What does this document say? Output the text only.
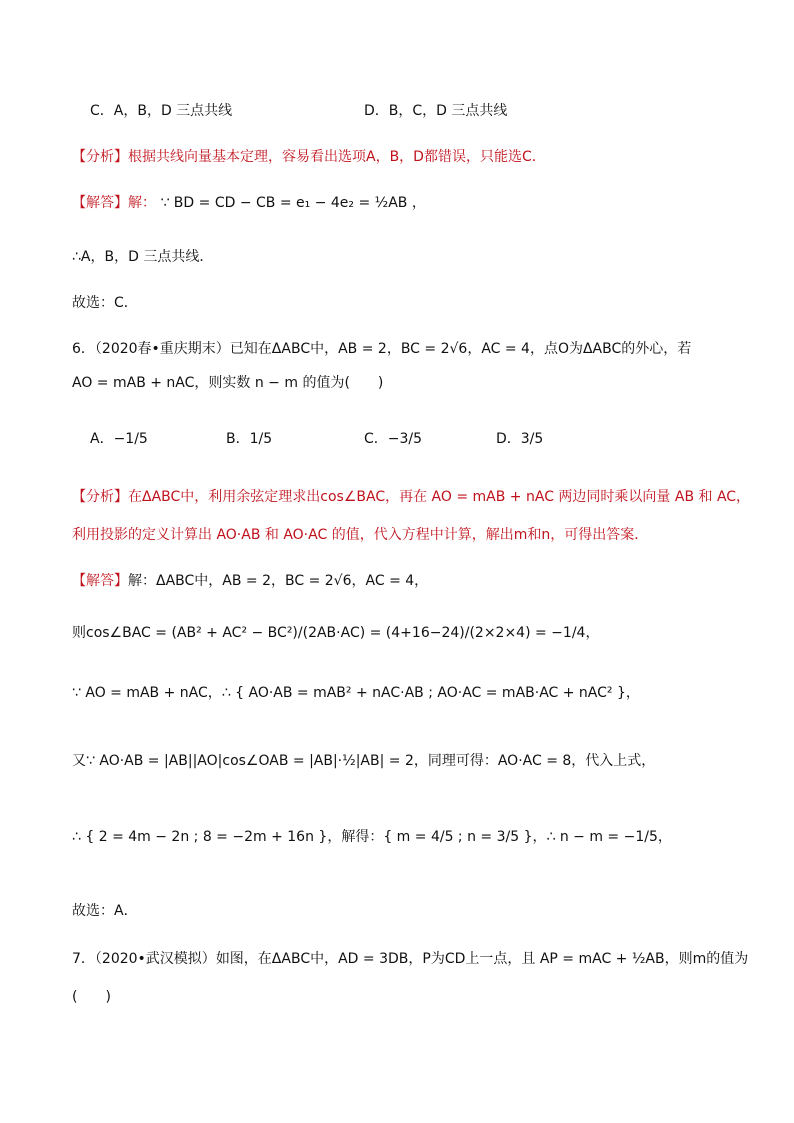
C．A，B，D 三点共线	D．B，C，D 三点共线
【分析】根据共线向量基本定理，容易看出选项A，B，D都错误，只能选C．
【解答】解： ∵ BD = CD − CB = e₁ − 4e₂ = ½AB ，
∴A，B，D 三点共线．
故选：C．
6．（2020春•重庆期末）已知在ΔABC中，AB = 2，BC = 2√6，AC = 4，点O为ΔABC的外心，若
AO = mAB + nAC，则实数 n − m 的值为(　　)
A．−1/5	B．1/5	C．−3/5	D．3/5
【分析】在ΔABC中，利用余弦定理求出cos∠BAC，再在 AO = mAB + nAC 两边同时乘以向量 AB 和 AC，
利用投影的定义计算出 AO·AB 和 AO·AC 的值，代入方程中计算，解出m和n，可得出答案．
【解答】解：ΔABC中，AB = 2，BC = 2√6，AC = 4，
则cos∠BAC = (AB² + AC² − BC²)/(2AB·AC) = (4+16−24)/(2×2×4) = −1/4，
∵ AO = mAB + nAC，∴ { AO·AB = mAB² + nAC·AB ; AO·AC = mAB·AC + nAC² }，
又∵ AO·AB = |AB||AO|cos∠OAB = |AB|·½|AB| = 2，同理可得：AO·AC = 8，代入上式，
∴ { 2 = 4m − 2n ; 8 = −2m + 16n }，解得：{ m = 4/5 ; n = 3/5 }，∴ n − m = −1/5，
故选：A．
7．（2020•武汉模拟）如图，在ΔABC中，AD = 3DB，P为CD上一点，且 AP = mAC + ½AB，则m的值为
(　　)
